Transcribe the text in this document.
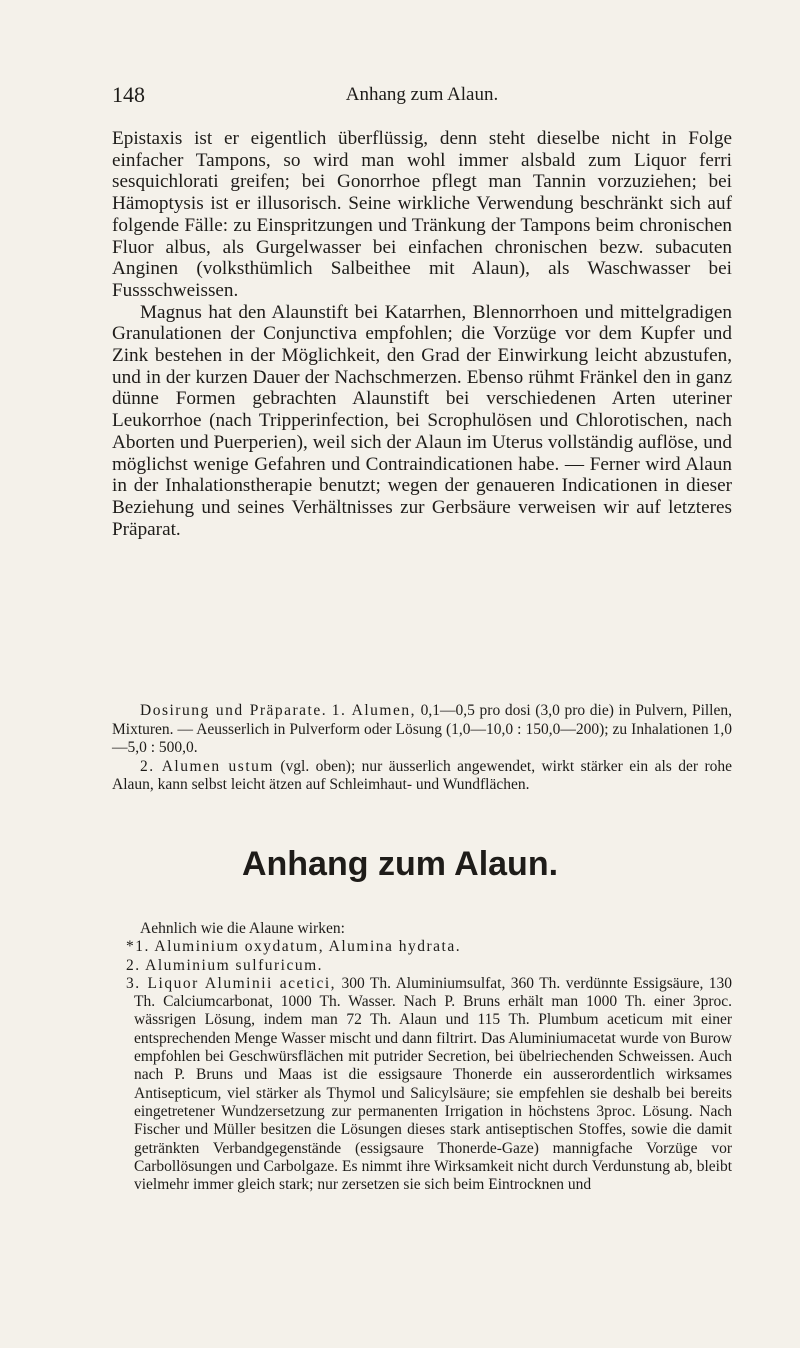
148	Anhang zum Alaun.

Epistaxis ist er eigentlich überflüssig, denn steht dieselbe nicht in Folge einfacher Tampons, so wird man wohl immer alsbald zum Liquor ferri sesquichlorati greifen; bei Gonorrhoe pflegt man Tannin vorzuziehen; bei Hämoptysis ist er illusorisch. Seine wirkliche Verwendung beschränkt sich auf folgende Fälle: zu Einspritzungen und Tränkung der Tampons beim chronischen Fluor albus, als Gurgelwasser bei einfachen chronischen bezw. subacuten Anginen (volksthümlich Salbeithee mit Alaun), als Waschwasser bei Fussschweissen.

Magnus hat den Alaunstift bei Katarrhen, Blennorrhoen und mittelgradigen Granulationen der Conjunctiva empfohlen; die Vorzüge vor dem Kupfer und Zink bestehen in der Möglichkeit, den Grad der Einwirkung leicht abzustufen, und in der kurzen Dauer der Nachschmerzen. Ebenso rühmt Fränkel den in ganz dünne Formen gebrachten Alaunstift bei verschiedenen Arten uteriner Leukorrhoe (nach Tripperinfection, bei Scrophulösen und Chlorotischen, nach Aborten und Puerperien), weil sich der Alaun im Uterus vollständig auflöse, und möglichst wenige Gefahren und Contraindicationen habe. — Ferner wird Alaun in der Inhalationstherapie benutzt; wegen der genaueren Indicationen in dieser Beziehung und seines Verhältnisses zur Gerbsäure verweisen wir auf letzteres Präparat.

Dosirung und Präparate. 1. Alumen, 0,1—0,5 pro dosi (3,0 pro die) in Pulvern, Pillen, Mixturen. — Aeusserlich in Pulverform oder Lösung (1,0—10,0 : 150,0—200); zu Inhalationen 1,0—5,0 : 500,0.

2. Alumen ustum (vgl. oben); nur äusserlich angewendet, wirkt stärker ein als der rohe Alaun, kann selbst leicht ätzen auf Schleimhaut- und Wundflächen.

Anhang zum Alaun.

Aehnlich wie die Alaune wirken:

*1. Aluminium oxydatum, Alumina hydrata.

2. Aluminium sulfuricum.

3. Liquor Aluminii acetici, 300 Th. Aluminiumsulfat, 360 Th. verdünnte Essigsäure, 130 Th. Calciumcarbonat, 1000 Th. Wasser. Nach P. Bruns erhält man 1000 Th. einer 3proc. wässrigen Lösung, indem man 72 Th. Alaun und 115 Th. Plumbum aceticum mit einer entsprechenden Menge Wasser mischt und dann filtrirt. Das Aluminiumacetat wurde von Burow empfohlen bei Geschwürsflächen mit putrider Secretion, bei übelriechenden Schweissen. Auch nach P. Bruns und Maas ist die essigsaure Thonerde ein ausserordentlich wirksames Antisepticum, viel stärker als Thymol und Salicylsäure; sie empfehlen sie deshalb bei bereits eingetretener Wundzersetzung zur permanenten Irrigation in höchstens 3proc. Lösung. Nach Fischer und Müller besitzen die Lösungen dieses stark antiseptischen Stoffes, sowie die damit getränkten Verbandgegenstände (essigsaure Thonerde-Gaze) mannigfache Vorzüge vor Carbollösungen und Carbolgaze. Es nimmt ihre Wirksamkeit nicht durch Verdunstung ab, bleibt vielmehr immer gleich stark; nur zersetzen sie sich beim Eintrocknen und
